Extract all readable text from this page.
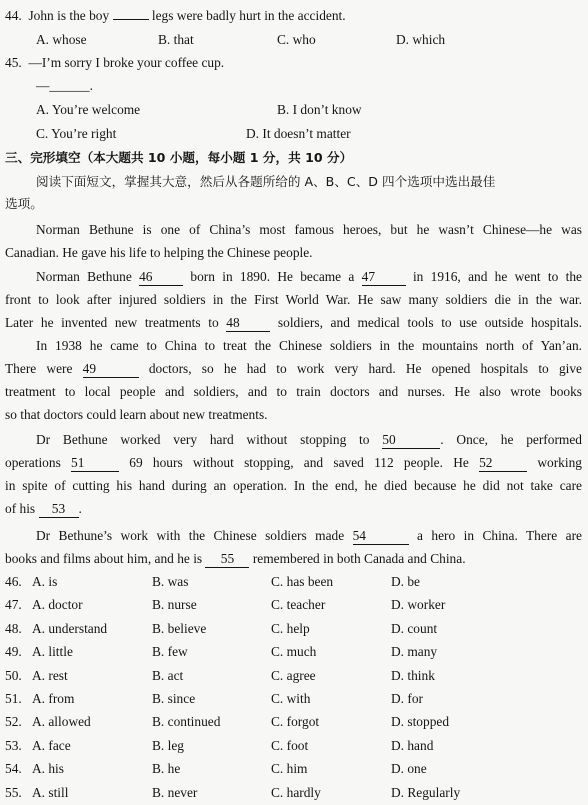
44. John is the boy	legs were badly hurt in the accident.
A. whose	B. that	C. who	D. which
45. —I’m sorry I broke your coffee cup.
—______.
A. You’re welcome	B. I don’t know
C. You’re right	D. It doesn’t matter
三、完形填空（本大题共 10 小题，每小题 1 分，共 10 分）
阅读下面短文，掌握其大意，然后从各题所给的 A、B、C、D 四个选项中选出最佳
选项。
Norman Bethune is one of China’s most famous heroes, but he wasn’t Chinese—he was
Canadian. He gave his life to helping the Chinese people.
Norman Bethune 46	born in 1890. He became a 47	in 1916, and he went to the
front to look after injured soldiers in the First World War. He saw many soldiers die in the war.
Later he invented new treatments to 48	soldiers, and medical tools to use outside hospitals.
In 1938 he came to China to treat the Chinese soldiers in the mountains north of Yan’an.
There were 49	doctors, so he had to work very hard. He opened hospitals to give
treatment to local people and soldiers, and to train doctors and nurses. He also wrote books
so that doctors could learn about new treatments.
Dr Bethune worked very hard without stopping to 50	. Once, he performed
operations 51	69 hours without stopping, and saved 112 people. He 52	working
in spite of cutting his hand during an operation. In the end, he died because he did not take care
of his 53 .
Dr Bethune’s work with the Chinese soldiers made 54	a hero in China. There are
books and films about him, and he is 55 remembered in both Canada and China.
46. A. is	B. was	C. has been	D. be
47. A. doctor	B. nurse	C. teacher	D. worker
48. A. understand	B. believe	C. help	D. count
49. A. little	B. few	C. much	D. many
50. A. rest	B. act	C. agree	D. think
51. A. from	B. since	C. with	D. for
52. A. allowed	B. continued	C. forgot	D. stopped
53. A. face	B. leg	C. foot	D. hand
54. A. his	B. he	C. him	D. one
55. A. still	B. never	C. hardly	D. Regularly
